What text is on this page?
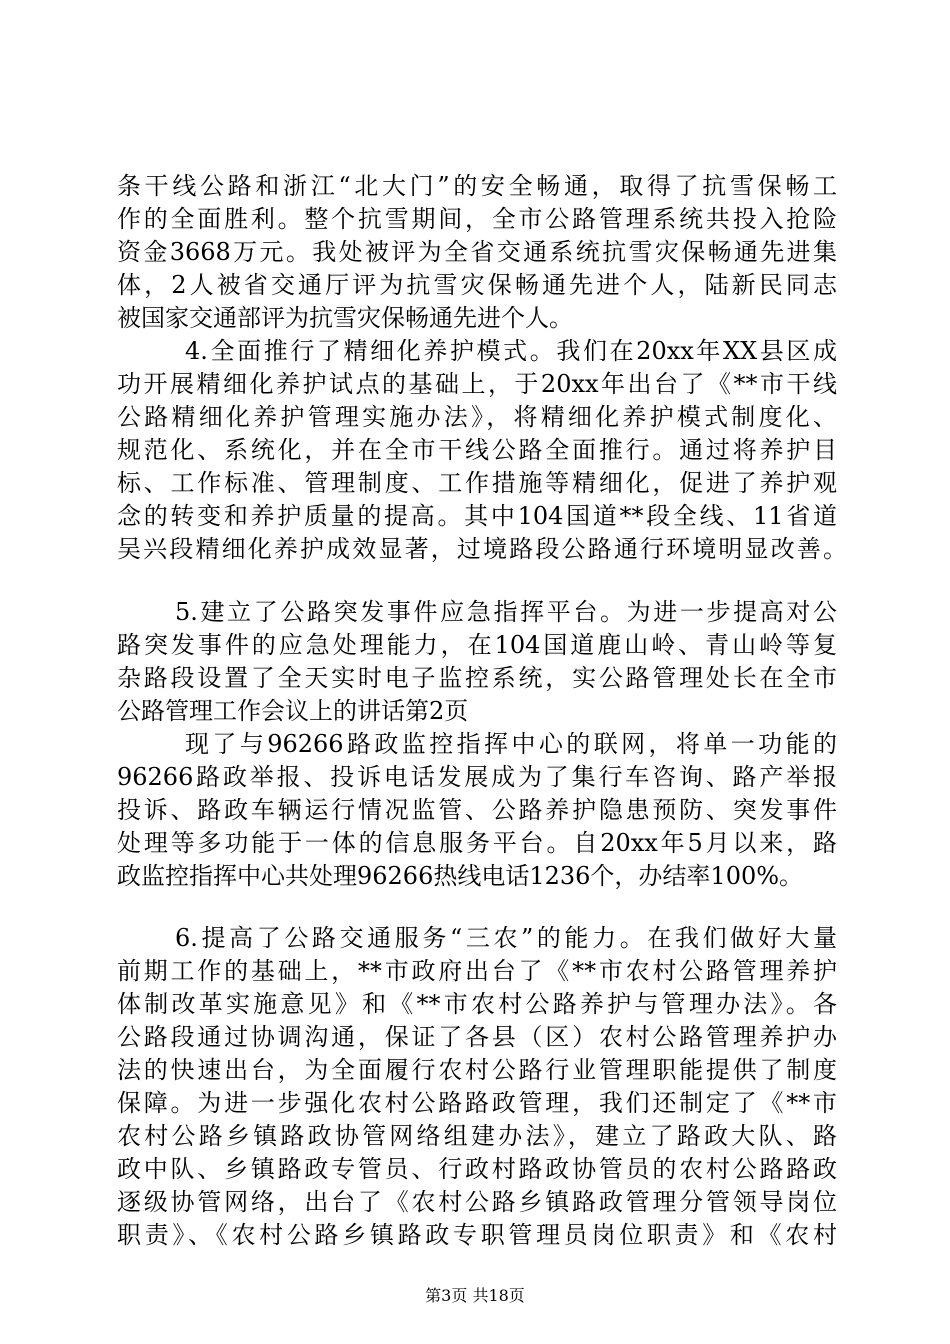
条干线公路和浙江“北大门”的安全畅通，取得了抗雪保畅工
作的全面胜利。整个抗雪期间，全市公路管理系统共投入抢险
资金3668万元。我处被评为全省交通系统抗雪灾保畅通先进集
体，2人被省交通厅评为抗雪灾保畅通先进个人，陆新民同志
被国家交通部评为抗雪灾保畅通先进个人。
4.全面推行了精细化养护模式。我们在20xx年XX县区成
功开展精细化养护试点的基础上，于20xx年出台了《**市干线
公路精细化养护管理实施办法》，将精细化养护模式制度化、
规范化、系统化，并在全市干线公路全面推行。通过将养护目
标、工作标准、管理制度、工作措施等精细化，促进了养护观
念的转变和养护质量的提高。其中104国道**段全线、11省道
吴兴段精细化养护成效显著，过境路段公路通行环境明显改善。
5.建立了公路突发事件应急指挥平台。为进一步提高对公
路突发事件的应急处理能力，在104国道鹿山岭、青山岭等复
杂路段设置了全天实时电子监控系统，实公路管理处长在全市
公路管理工作会议上的讲话第2页
现了与96266路政监控指挥中心的联网，将单一功能的
96266路政举报、投诉电话发展成为了集行车咨询、路产举报
投诉、路政车辆运行情况监管、公路养护隐患预防、突发事件
处理等多功能于一体的信息服务平台。自20xx年5月以来，路
政监控指挥中心共处理96266热线电话1236个，办结率100%。
6.提高了公路交通服务“三农”的能力。在我们做好大量
前期工作的基础上，**市政府出台了《**市农村公路管理养护
体制改革实施意见》和《**市农村公路养护与管理办法》。各
公路段通过协调沟通，保证了各县（区）农村公路管理养护办
法的快速出台，为全面履行农村公路行业管理职能提供了制度
保障。为进一步强化农村公路路政管理，我们还制定了《**市
农村公路乡镇路政协管网络组建办法》，建立了路政大队、路
政中队、乡镇路政专管员、行政村路政协管员的农村公路路政
逐级协管网络，出台了《农村公路乡镇路政管理分管领导岗位
职责》、《农村公路乡镇路政专职管理员岗位职责》和《农村
第3页 共18页
